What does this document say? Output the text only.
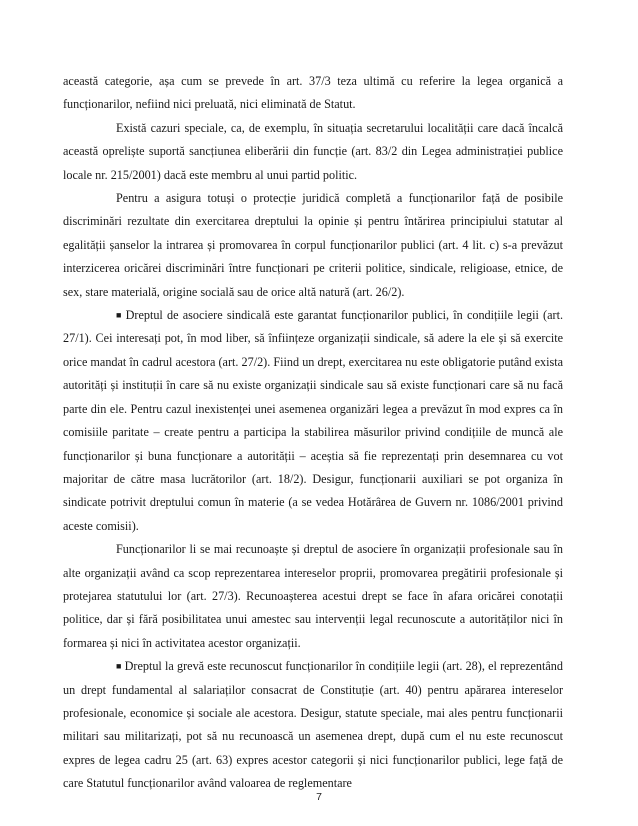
această categorie, așa cum se prevede în art. 37/3 teza ultimă cu referire la legea organică a funcționarilor, nefiind nici preluată, nici eliminată de Statut.

Există cazuri speciale, ca, de exemplu, în situația secretarului localității care dacă încalcă această opreliște suportă sancțiunea eliberării din funcție (art. 83/2 din Legea administrației publice locale nr. 215/2001) dacă este membru al unui partid politic.

Pentru a asigura totuși o protecție juridică completă a funcționarilor față de posibile discriminări rezultate din exercitarea dreptului la opinie și pentru întărirea principiului statutar al egalității șanselor la intrarea și promovarea în corpul funcționarilor publici (art. 4 lit. c) s-a prevăzut interzicerea oricărei discriminări între funcționari pe criterii politice, sindicale, religioase, etnice, de sex, stare materială, origine socială sau de orice altă natură (art. 26/2).

■ Dreptul de asociere sindicală este garantat funcționarilor publici, în condițiile legii (art. 27/1). Cei interesați pot, în mod liber, să înființeze organizații sindicale, să adere la ele și să exercite orice mandat în cadrul acestora (art. 27/2). Fiind un drept, exercitarea nu este obligatorie putând exista autorități și instituții în care să nu existe organizații sindicale sau să existe funcționari care să nu facă parte din ele. Pentru cazul inexistenței unei asemenea organizări legea a prevăzut în mod expres ca în comisiile paritate – create pentru a participa la stabilirea măsurilor privind condițiile de muncă ale funcționarilor și buna funcționare a autorității – aceștia să fie reprezentați prin desemnarea cu vot majoritar de către masa lucrătorilor (art. 18/2). Desigur, funcționarii auxiliari se pot organiza în sindicate potrivit dreptului comun în materie (a se vedea Hotărârea de Guvern nr. 1086/2001 privind aceste comisii).

Funcționarilor li se mai recunoaște și dreptul de asociere în organizații profesionale sau în alte organizații având ca scop reprezentarea intereselor proprii, promovarea pregătirii profesionale și protejarea statutului lor (art. 27/3). Recunoașterea acestui drept se face în afara oricărei conotații politice, dar și fără posibilitatea unui amestec sau intervenții legal recunoscute a autorităților nici în formarea și nici în activitatea acestor organizații.

■ Dreptul la grevă este recunoscut funcționarilor în condițiile legii (art. 28), el reprezentând un drept fundamental al salariaților consacrat de Constituție (art. 40) pentru apărarea intereselor profesionale, economice și sociale ale acestora. Desigur, statute speciale, mai ales pentru funcționarii militari sau militarizați, pot să nu recunoască un asemenea drept, după cum el nu este recunoscut expres de legea cadru 25 (art. 63) expres acestor categorii și nici funcționarilor publici, lege față de care Statutul funcționarilor având valoarea de reglementare

7
